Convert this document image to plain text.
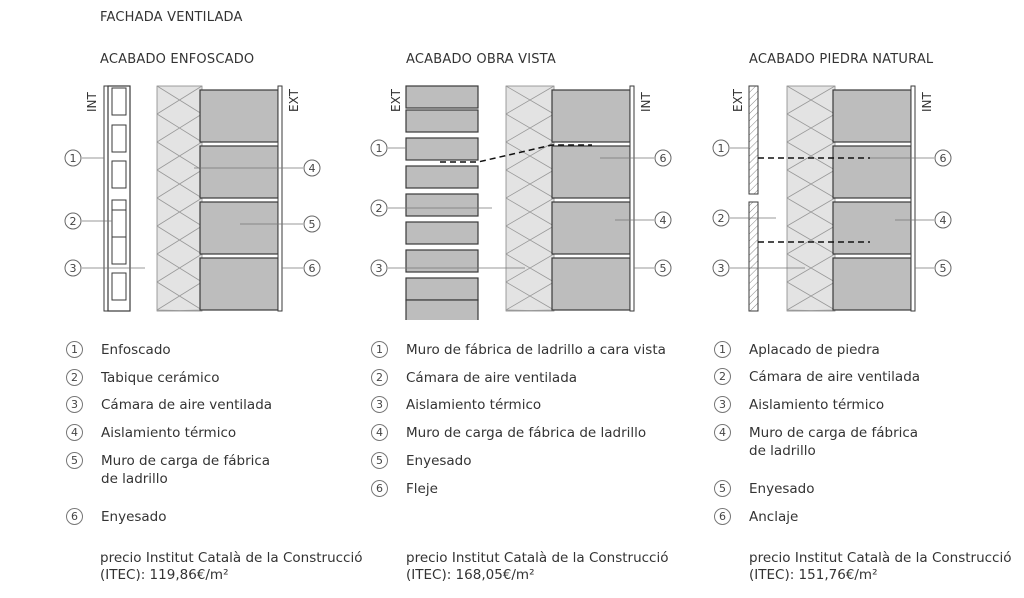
FACHADA VENTILADA
ACABADO ENFOSCADO	ACABADO OBRA VISTA	ACABADO PIEDRA NATURAL
INT	EXT	EXT	INT	EXT	INT
1
2
3
4
5
6
1
2
3
4
5
6
1
2
3
4
5
6
1	Enfoscado
2	Tabique cerámico
3	Cámara de aire ventilada
4	Aislamiento térmico
5	Muro de carga de fábrica
de ladrillo
6	Enyesado
1	Muro de fábrica de ladrillo a cara vista
2	Cámara de aire ventilada
3	Aislamiento térmico
4	Muro de carga de fábrica de ladrillo
5	Enyesado
6	Fleje
1	Aplacado de piedra
2	Cámara de aire ventilada
3	Aislamiento térmico
4	Muro de carga de fábrica
de ladrillo
5	Enyesado
6	Anclaje
precio Institut Català de la Construcció
(ITEC): 119,86€/m²
precio Institut Català de la Construcció
(ITEC): 168,05€/m²
precio Institut Català de la Construcció
(ITEC): 151,76€/m²
